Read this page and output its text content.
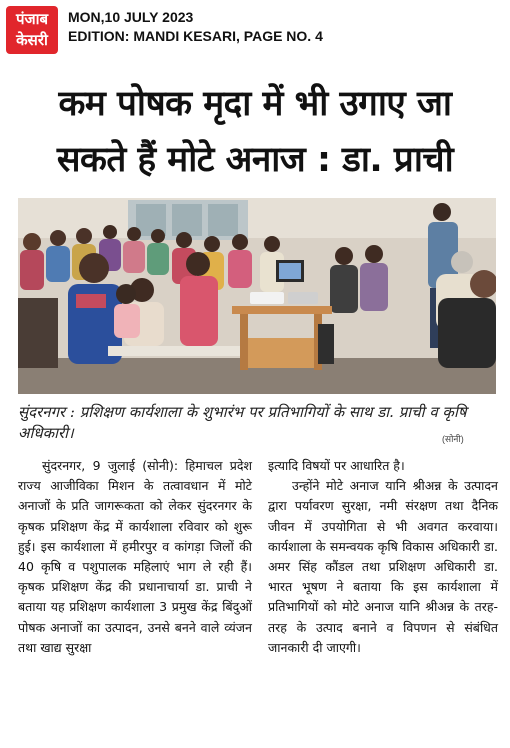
पंजाब
केसरी
MON,10 JULY 2023
EDITION: MANDI KESARI, PAGE NO. 4
कम पोषक मृदा में भी उगाए जा
सकते हैं मोटे अनाज : डा. प्राची
सुंदरनगर : प्रशिक्षण कार्यशाला के शुभारंभ पर प्रतिभागियों के साथ डा. प्राची व कृषि अधिकारी।	(सोनी)

सुंदरनगर, 9 जुलाई (सोनी): हिमाचल प्रदेश राज्य आजीविका मिशन के तत्वावधान में मोटे अनाजों के प्रति जागरूकता को लेकर सुंदरनगर के कृषक प्रशिक्षण केंद्र में कार्यशाला रविवार को शुरू हुई। इस कार्यशाला में हमीरपुर व कांगड़ा जिलों की 40 कृषि व पशुपालक महिलाएं भाग ले रही हैं। कृषक प्रशिक्षण केंद्र की प्रधानाचार्या डा. प्राची ने बताया यह प्रशिक्षण कार्यशाला 3 प्रमुख केंद्र बिंदुओं पोषक अनाजों का उत्पादन, उनसे बनने वाले व्यंजन तथा खाद्य सुरक्षा

इत्यादि विषयों पर आधारित है।

उन्होंने मोटे अनाज यानि श्रीअन्न के उत्पादन द्वारा पर्यावरण सुरक्षा, नमी संरक्षण तथा दैनिक जीवन में उपयोगिता से भी अवगत करवाया। कार्यशाला के समन्वयक कृषि विकास अधिकारी डा. अमर सिंह कौंडल तथा प्रशिक्षण अधिकारी डा. भारत भूषण ने बताया कि इस कार्यशाला में प्रतिभागियों को मोटे अनाज यानि श्रीअन्न के तरह-तरह के उत्पाद बनाने व विपणन से संबंधित जानकारी दी जाएगी।
